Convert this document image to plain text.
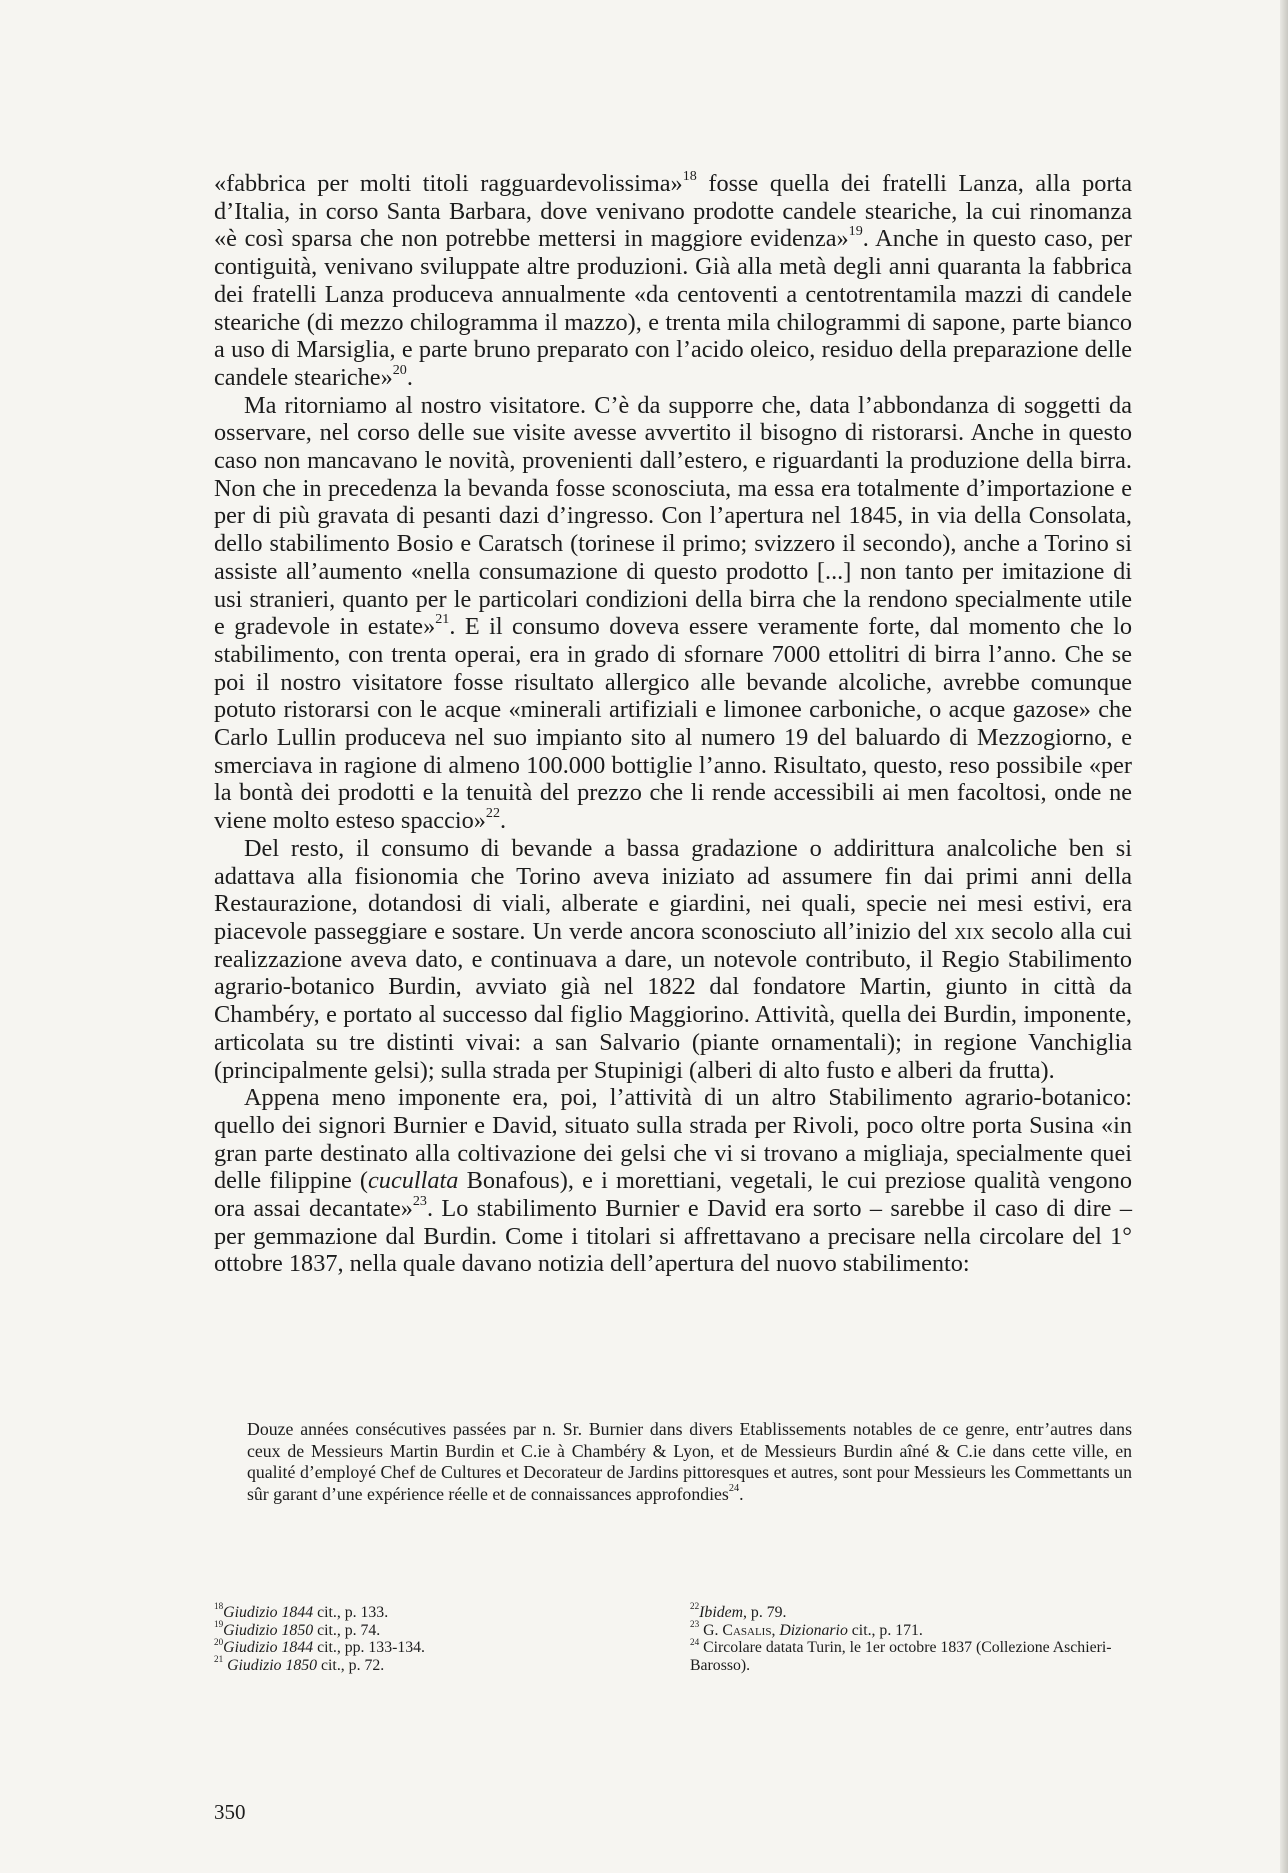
«fabbrica per molti titoli ragguardevolissima»$^{18}$ fosse quella dei fratelli Lanza, alla porta d’Italia, in corso Santa Barbara, dove venivano prodotte candele steariche, la cui rinomanza «è così sparsa che non potrebbe mettersi in maggiore evidenza»$^{19}$. Anche in questo caso, per contiguità, venivano sviluppate altre produzioni. Già alla metà degli anni quaranta la fabbrica dei fratelli Lanza produceva annualmente «da centoventi a centotrentamila mazzi di candele steariche (di mezzo chilogramma il mazzo), e trenta mila chilogrammi di sapone, parte bianco a uso di Marsiglia, e parte bruno preparato con l’acido oleico, residuo della preparazione delle candele steariche»$^{20}$.

Ma ritorniamo al nostro visitatore. C’è da supporre che, data l’abbondanza di soggetti da osservare, nel corso delle sue visite avesse avvertito il bisogno di ristorarsi. Anche in questo caso non mancavano le novità, provenienti dall’estero, e riguardanti la produzione della birra. Non che in precedenza la bevanda fosse sconosciuta, ma essa era totalmente d’importazione e per di più gravata di pesanti dazi d’ingresso. Con l’apertura nel 1845, in via della Consolata, dello stabilimento Bosio e Caratsch (torinese il primo; svizzero il secondo), anche a Torino si assiste all’aumento «nella consumazione di questo prodotto [...] non tanto per imitazione di usi stranieri, quanto per le particolari condizioni della birra che la rendono specialmente utile e gradevole in estate»$^{21}$. E il consumo doveva essere veramente forte, dal momento che lo stabilimento, con trenta operai, era in grado di sfornare 7000 ettolitri di birra l’anno. Che se poi il nostro visitatore fosse risultato allergico alle bevande alcoliche, avrebbe comunque potuto ristorarsi con le acque «minerali artifiziali e limonee carboniche, o acque gazose» che Carlo Lullin produceva nel suo impianto sito al numero 19 del baluardo di Mezzogiorno, e smerciava in ragione di almeno 100.000 bottiglie l’anno. Risultato, questo, reso possibile «per la bontà dei prodotti e la tenuità del prezzo che li rende accessibili ai men facoltosi, onde ne viene molto esteso spaccio»$^{22}$.

Del resto, il consumo di bevande a bassa gradazione o addirittura analcoliche ben si adattava alla fisionomia che Torino aveva iniziato ad assumere fin dai primi anni della Restaurazione, dotandosi di viali, alberate e giardini, nei quali, specie nei mesi estivi, era piacevole passeggiare e sostare. Un verde ancora sconosciuto all’inizio del xix secolo alla cui realizzazione aveva dato, e continuava a dare, un notevole contributo, il Regio Stabilimento agrario-botanico Burdin, avviato già nel 1822 dal fondatore Martin, giunto in città da Chambéry, e portato al successo dal figlio Maggiorino. Attività, quella dei Burdin, imponente, articolata su tre distinti vivai: a san Salvario (piante ornamentali); in regione Vanchiglia (principalmente gelsi); sulla strada per Stupinigi (alberi di alto fusto e alberi da frutta).

Appena meno imponente era, poi, l’attività di un altro Stabilimento agrario-botanico: quello dei signori Burnier e David, situato sulla strada per Rivoli, poco oltre porta Susina «in gran parte destinato alla coltivazione dei gelsi che vi si trovano a migliaja, specialmente quei delle filippine (cucullata Bonafous), e i morettiani, vegetali, le cui preziose qualità vengono ora assai decantate»$^{23}$. Lo stabilimento Burnier e David era sorto – sarebbe il caso di dire – per gemmazione dal Burdin. Come i titolari si affrettavano a precisare nella circolare del 1° ottobre 1837, nella quale davano notizia dell’apertura del nuovo stabilimento:

Douze années consécutives passées par n. Sr. Burnier dans divers Etablissements notables de ce genre, entr’autres dans ceux de Messieurs Martin Burdin et C.ie à Chambéry & Lyon, et de Messieurs Burdin aîné & C.ie dans cette ville, en qualité d’employé Chef de Cultures et Decorateur de Jardins pittoresques et autres, sont pour Messieurs les Commettants un sûr garant d’une expérience réelle et de connaissances approfondies$^{24}$.

$^{18}$Giudizio 1844 cit., p. 133.
$^{19}$Giudizio 1850 cit., p. 74.
$^{20}$Giudizio 1844 cit., pp. 133-134.
$^{21}$ Giudizio 1850 cit., p. 72.
$^{22}$Ibidem, p. 79.
$^{23}$ G. Casalis, Dizionario cit., p. 171.
$^{24}$ Circolare datata Turin, le 1er octobre 1837 (Collezione Aschieri-Barosso).
350
